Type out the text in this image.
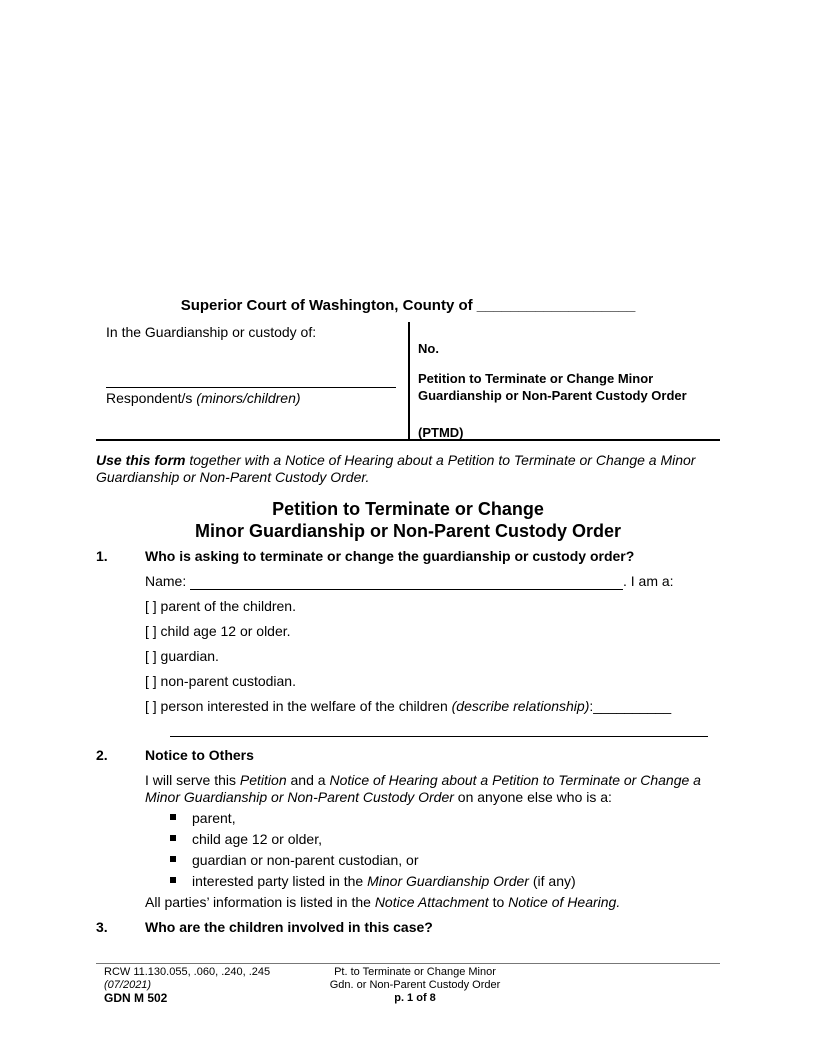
Superior Court of Washington, County of ___________________
In the Guardianship or custody of:
Respondent/s (minors/children)
No.
Petition to Terminate or Change Minor Guardianship or Non-Parent Custody Order
(PTMD)
Use this form together with a Notice of Hearing about a Petition to Terminate or Change a Minor Guardianship or Non-Parent Custody Order.
Petition to Terminate or Change
Minor Guardianship or Non-Parent Custody Order
1.	Who is asking to terminate or change the guardianship or custody order?
Name:	. I am a:
[ ] parent of the children.
[ ] child age 12 or older.
[ ] guardian.
[ ] non-parent custodian.
[ ] person interested in the welfare of the children (describe relationship):__________
2.	Notice to Others
I will serve this Petition and a Notice of Hearing about a Petition to Terminate or Change a Minor Guardianship or Non-Parent Custody Order on anyone else who is a:
parent,
child age 12 or older,
guardian or non-parent custodian, or
interested party listed in the Minor Guardianship Order (if any)
All parties’ information is listed in the Notice Attachment to Notice of Hearing.
3.	Who are the children involved in this case?
RCW 11.130.055, .060, .240, .245
(07/2021)
GDN M 502
Pt. to Terminate or Change Minor
Gdn. or Non-Parent Custody Order
p. 1 of 8
